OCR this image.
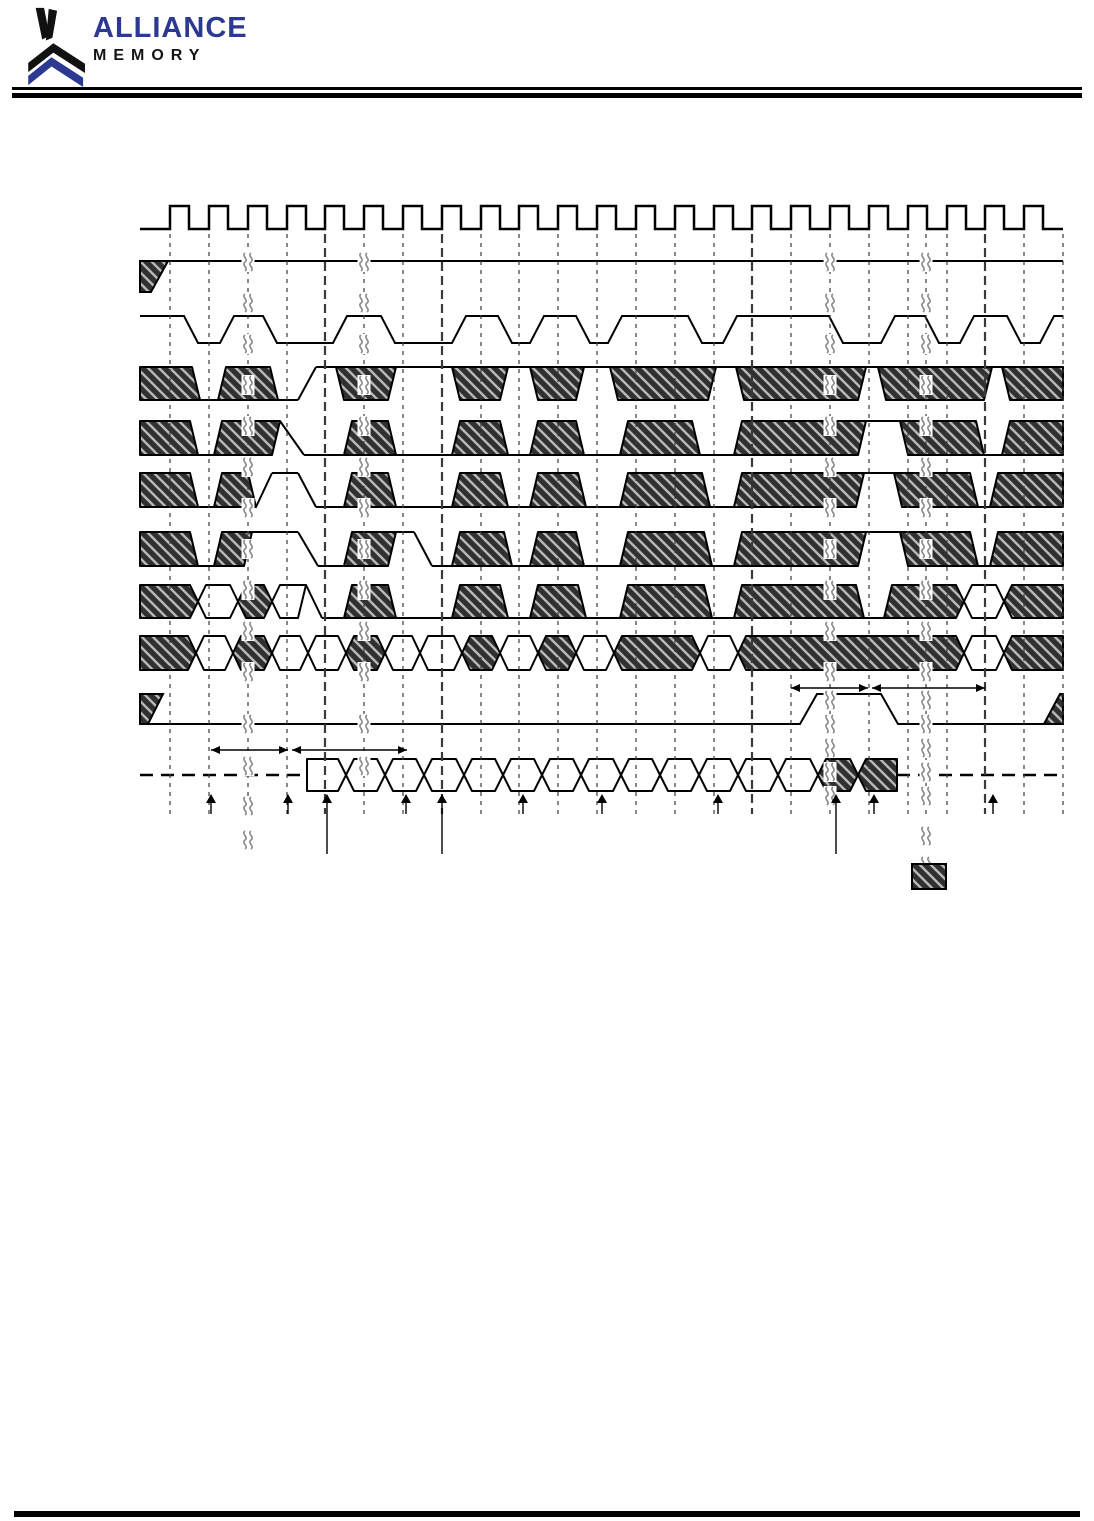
ALLIANCE
MEMORY
